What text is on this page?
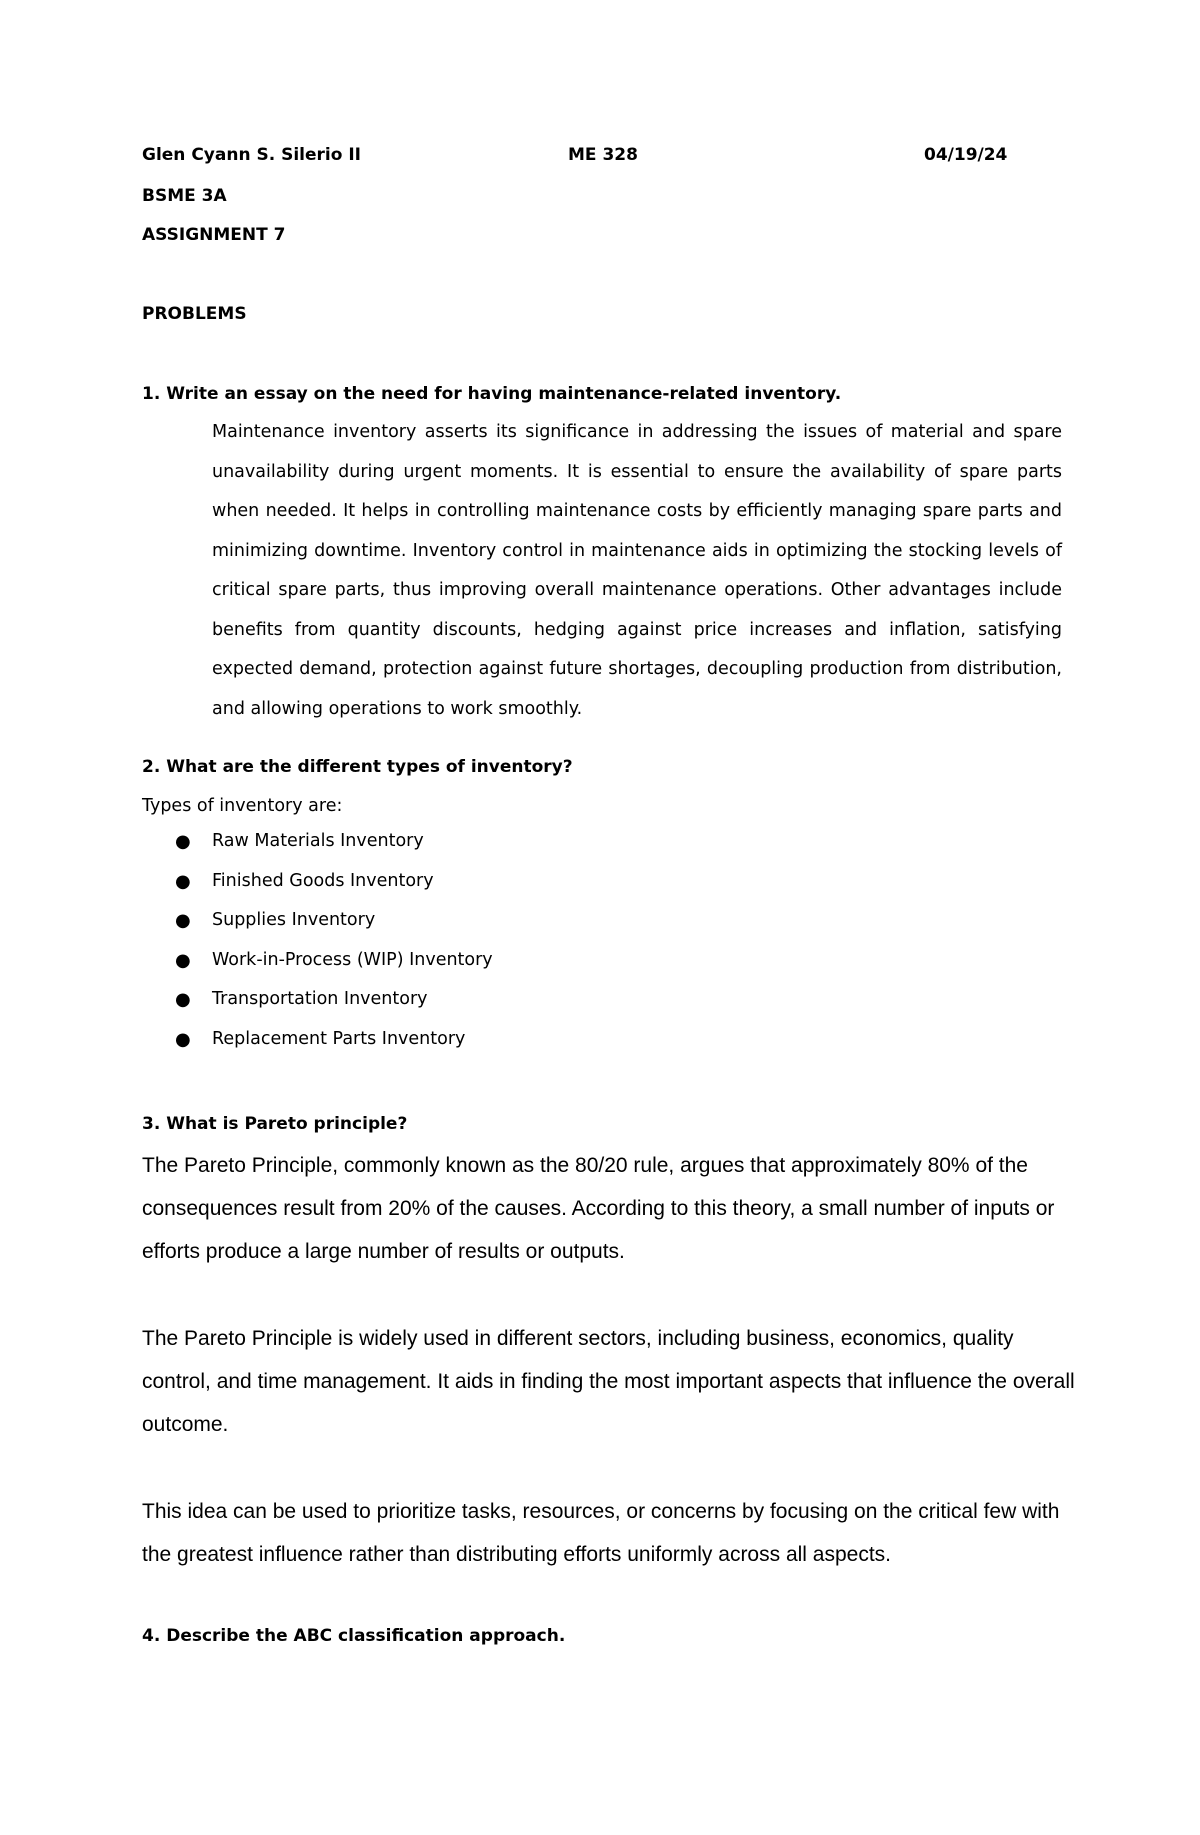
Glen Cyann S. Silerio II	ME 328	04/19/24
BSME 3A
ASSIGNMENT 7
PROBLEMS
1. Write an essay on the need for having maintenance-related inventory.
Maintenance inventory asserts its significance in addressing the issues of material and spare unavailability during urgent moments. It is essential to ensure the availability of spare parts when needed. It helps in controlling maintenance costs by efficiently managing spare parts and minimizing downtime. Inventory control in maintenance aids in optimizing the stocking levels of critical spare parts, thus improving overall maintenance operations. Other advantages include benefits from quantity discounts, hedging against price increases and inflation, satisfying expected demand, protection against future shortages, decoupling production from distribution, and allowing operations to work smoothly.
2. What are the different types of inventory?
Types of inventory are:
● Raw Materials Inventory
● Finished Goods Inventory
● Supplies Inventory
● Work-in-Process (WIP) Inventory
● Transportation Inventory
● Replacement Parts Inventory
3. What is Pareto principle?
The Pareto Principle, commonly known as the 80/20 rule, argues that approximately 80% of the consequences result from 20% of the causes. According to this theory, a small number of inputs or efforts produce a large number of results or outputs.
The Pareto Principle is widely used in different sectors, including business, economics, quality control, and time management. It aids in finding the most important aspects that influence the overall outcome.
This idea can be used to prioritize tasks, resources, or concerns by focusing on the critical few with the greatest influence rather than distributing efforts uniformly across all aspects.
4. Describe the ABC classification approach.
